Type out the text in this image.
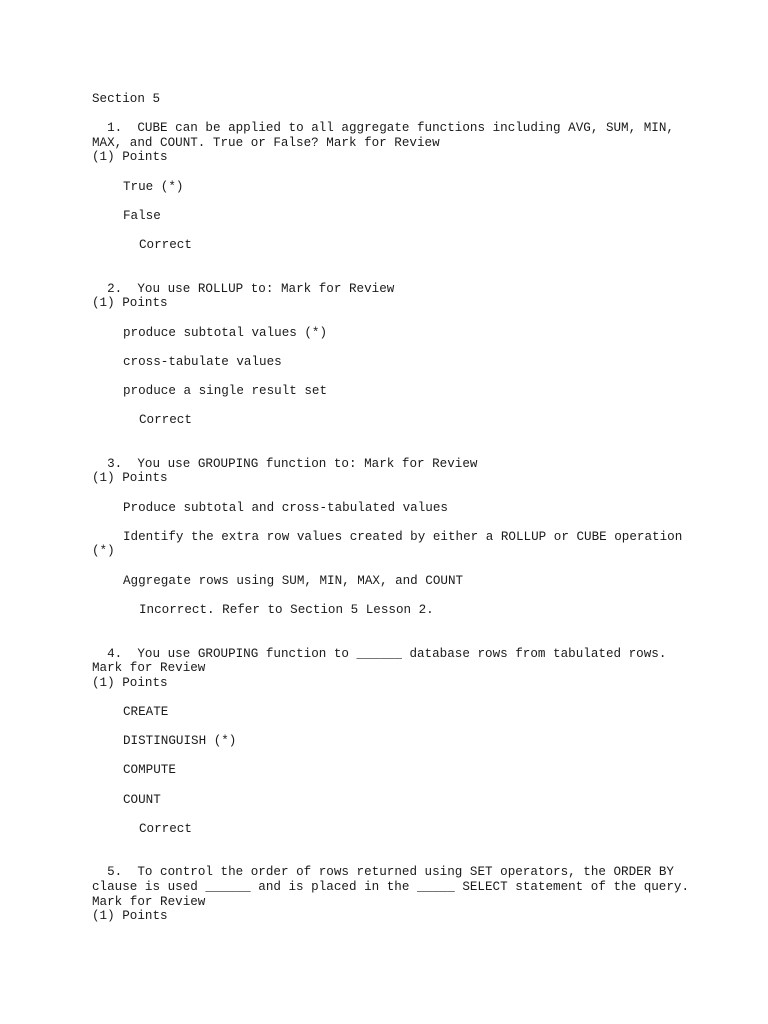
Section 5
1. CUBE can be applied to all aggregate functions including AVG, SUM, MIN, MAX, and COUNT. True or False? Mark for Review
(1) Points
True (*)
False
Correct
2. You use ROLLUP to: Mark for Review
(1) Points
produce subtotal values (*)
cross-tabulate values
produce a single result set
Correct
3. You use GROUPING function to: Mark for Review
(1) Points
Produce subtotal and cross-tabulated values
Identify the extra row values created by either a ROLLUP or CUBE operation (*)
Aggregate rows using SUM, MIN, MAX, and COUNT
Incorrect. Refer to Section 5 Lesson 2.
4. You use GROUPING function to ______ database rows from tabulated rows. Mark for Review
(1) Points
CREATE
DISTINGUISH (*)
COMPUTE
COUNT
Correct
5. To control the order of rows returned using SET operators, the ORDER BY clause is used ______ and is placed in the _____ SELECT statement of the query. Mark for Review
(1) Points
